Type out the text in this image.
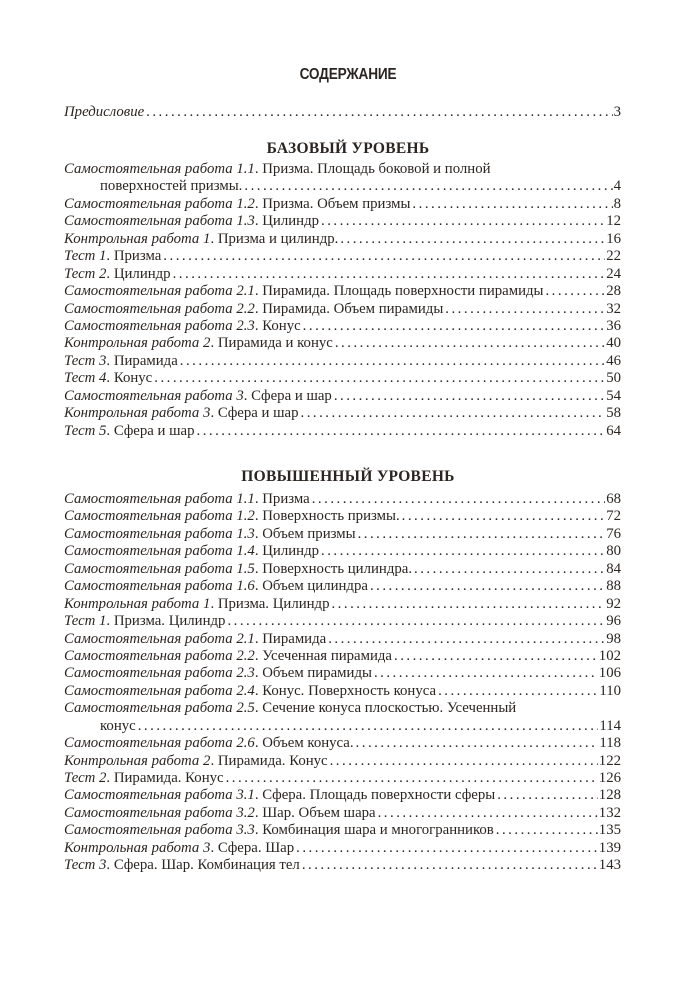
СОДЕРЖАНИЕ
Предисловие . . .	3
БАЗОВЫЙ УРОВЕНЬ
Самостоятельная работа 1.1. Призма. Площадь боковой и полной
поверхностей призмы. . . .	4
Самостоятельная работа 1.2. Призма. Объем призмы . . .	8
Самостоятельная работа 1.3. Цилиндр . . .	12
Контрольная работа 1. Призма и цилиндр. . . .	16
Тест 1. Призма . . .	22
Тест 2. Цилиндр . . .	24
Самостоятельная работа 2.1. Пирамида. Площадь поверхности пирамиды . . .	28
Самостоятельная работа 2.2. Пирамида. Объем пирамиды . . .	32
Самостоятельная работа 2.3. Конус . . .	36
Контрольная работа 2. Пирамида и конус . . .	40
Тест 3. Пирамида . . .	46
Тест 4. Конус . . .	50
Самостоятельная работа 3. Сфера и шар . . .	54
Контрольная работа 3. Сфера и шар . . .	58
Тест 5. Сфера и шар . . .	64
ПОВЫШЕННЫЙ УРОВЕНЬ
Самостоятельная работа 1.1. Призма . . .	68
Самостоятельная работа 1.2. Поверхность призмы. . . .	72
Самостоятельная работа 1.3. Объем призмы . . .	76
Самостоятельная работа 1.4. Цилиндр . . .	80
Самостоятельная работа 1.5. Поверхность цилиндра. . . .	84
Самостоятельная работа 1.6. Объем цилиндра . . .	88
Контрольная работа 1. Призма. Цилиндр . . .	92
Тест 1. Призма. Цилиндр . . .	96
Самостоятельная работа 2.1. Пирамида . . .	98
Самостоятельная работа 2.2. Усеченная пирамида . . .	102
Самостоятельная работа 2.3. Объем пирамиды . . .	106
Самостоятельная работа 2.4. Конус. Поверхность конуса . . .	110
Самостоятельная работа 2.5. Сечение конуса плоскостью. Усеченный
конус . . .	114
Самостоятельная работа 2.6. Объем конуса. . . .	118
Контрольная работа 2. Пирамида. Конус . . .	122
Тест 2. Пирамида. Конус . . .	126
Самостоятельная работа 3.1. Сфера. Площадь поверхности сферы . . .	128
Самостоятельная работа 3.2. Шар. Объем шара . . .	132
Самостоятельная работа 3.3. Комбинация шара и многогранников . . .	135
Контрольная работа 3. Сфера. Шар . . .	139
Тест 3. Сфера. Шар. Комбинация тел . . .	143
